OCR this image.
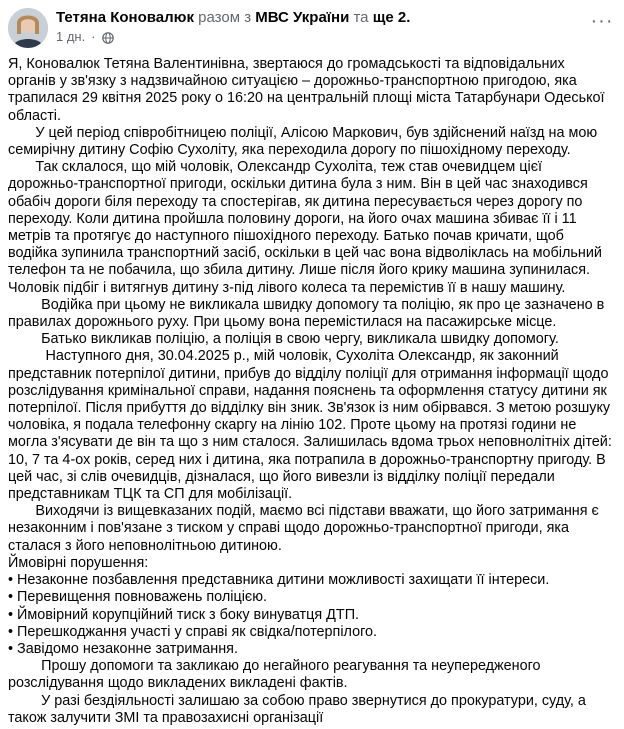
Тетяна Коновалюк разом з МВС України та ще 2.
1 дн. ·
···

Я, Коновалюк Тетяна Валентинівна, звертаюся до громадськості та відповідальних органів у зв'язку з надзвичайною ситуацією – дорожньо-транспортною пригодою, яка трапилася 29 квітня 2025 року о 16:20 на центральній площі міста Татарбунари Одеської області.

У цей період співробітницею поліції, Алісою Маркович, був здійснений наїзд на мою семирічну дитину Софію Сухоліту, яка переходила дорогу по пішохідному переходу.

Так склалося, що мій чоловік, Олександр Сухоліта, теж став очевидцем цієї дорожньо-транспортної пригоди, оскільки дитина була з ним. Він в цей час знаходився обабіч дороги біля переходу та спостерігав, як дитина пересувається через дорогу по переходу. Коли дитина пройшла половину дороги, на його очах машина збиває її і 11 метрів та протягує до наступного пішохідного переходу. Батько почав кричати, щоб водійка зупинила транспортний засіб, оскільки в цей час вона відволіклась на мобільний телефон та не побачила, що збила дитину. Лише після його крику машина зупинилася. Чоловік підбіг і витягнув дитину з-під лівого колеса та перемістив її в нашу машину.

Водійка при цьому не викликала швидку допомогу та поліцію, як про це зазначено в правилах дорожнього руху. При цьому вона перемістилася на пасажирське місце.

Батько викликав поліцію, а поліція в свою чергу, викликала швидку допомогу.

Наступного дня, 30.04.2025 р., мій чоловік, Сухоліта Олександр, як законний представник потерпілої дитини, прибув до відділу поліції для отримання інформації щодо розслідування кримінальної справи, надання пояснень та оформлення статусу дитини як потерпілої. Після прибуття до відділку він зник. Зв'язок із ним обірвався. З метою розшуку чоловіка, я подала телефонну скаргу на лінію 102. Проте цьому на протязі години не могла з'ясувати де він та що з ним сталося. Залишилась вдома трьох неповнолітніх дітей: 10, 7 та 4-ох років, серед них і дитина, яка потрапила в дорожньо-транспортну пригоду. В цей час, зі слів очевидців, дізналася, що його вивезли із відділку поліції передали представникам ТЦК та СП для мобілізації.

Виходячи із вищевказаних подій, маємо всі підстави вважати, що його затримання є незаконним і пов'язане з тиском у справі щодо дорожньо-транспортної пригоди, яка сталася з його неповнолітньою дитиною.

Ймовірні порушення:

• Незаконне позбавлення представника дитини можливості захищати її інтереси.

• Перевищення повноважень поліцією.

• Ймовірний корупційний тиск з боку винуватця ДТП.

• Перешкоджання участі у справі як свідка/потерпілого.

• Завідомо незаконне затримання.

Прошу допомоги та закликаю до негайного реагування та неупередженого розслідування щодо викладених викладені фактів.

У разі бездіяльності залишаю за собою право звернутися до прокуратури, суду, а також залучити ЗМІ та правозахисні організації
